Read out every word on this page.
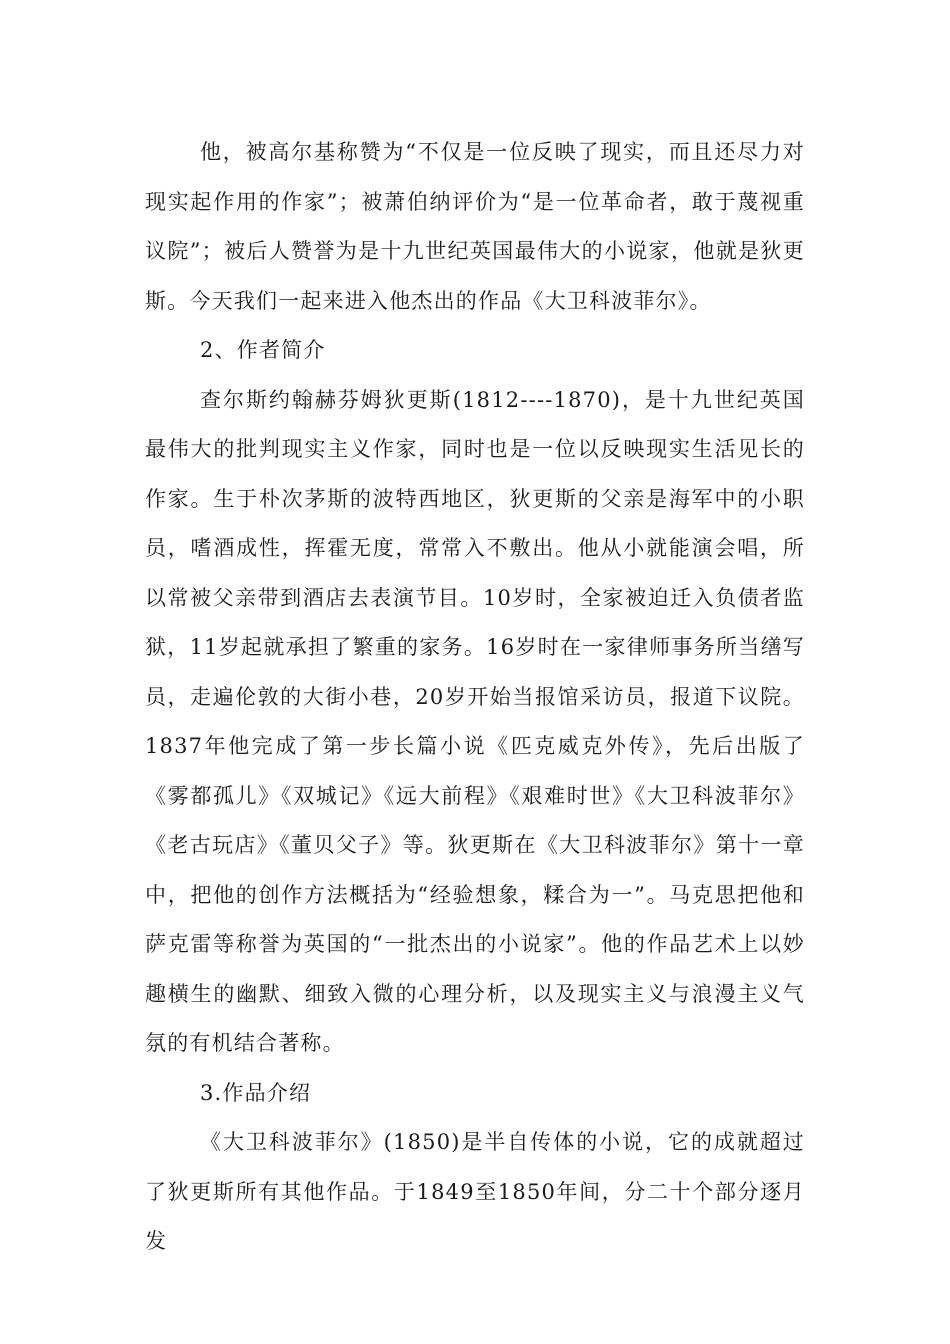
他，被高尔基称赞为“不仅是一位反映了现实，而且还尽力对现实起作用的作家”；被萧伯纳评价为“是一位革命者，敢于蔑视重议院”；被后人赞誉为是十九世纪英国最伟大的小说家，他就是狄更斯。今天我们一起来进入他杰出的作品《大卫科波菲尔》。

2、作者简介

查尔斯约翰赫芬姆狄更斯(1812----1870)，是十九世纪英国最伟大的批判现实主义作家，同时也是一位以反映现实生活见长的作家。生于朴次茅斯的波特西地区，狄更斯的父亲是海军中的小职员，嗜酒成性，挥霍无度，常常入不敷出。他从小就能演会唱，所以常被父亲带到酒店去表演节目。10岁时，全家被迫迁入负债者监狱，11岁起就承担了繁重的家务。16岁时在一家律师事务所当缮写员，走遍伦敦的大街小巷，20岁开始当报馆采访员，报道下议院。1837年他完成了第一步长篇小说《匹克威克外传》，先后出版了《雾都孤儿》《双城记》《远大前程》《艰难时世》《大卫科波菲尔》《老古玩店》《董贝父子》等。狄更斯在《大卫科波菲尔》第十一章中，把他的创作方法概括为“经验想象，糅合为一”。马克思把他和萨克雷等称誉为英国的“一批杰出的小说家”。他的作品艺术上以妙趣横生的幽默、细致入微的心理分析，以及现实主义与浪漫主义气氛的有机结合著称。

3.作品介绍

《大卫科波菲尔》(1850)是半自传体的小说，它的成就超过了狄更斯所有其他作品。于1849至1850年间，分二十个部分逐月发
